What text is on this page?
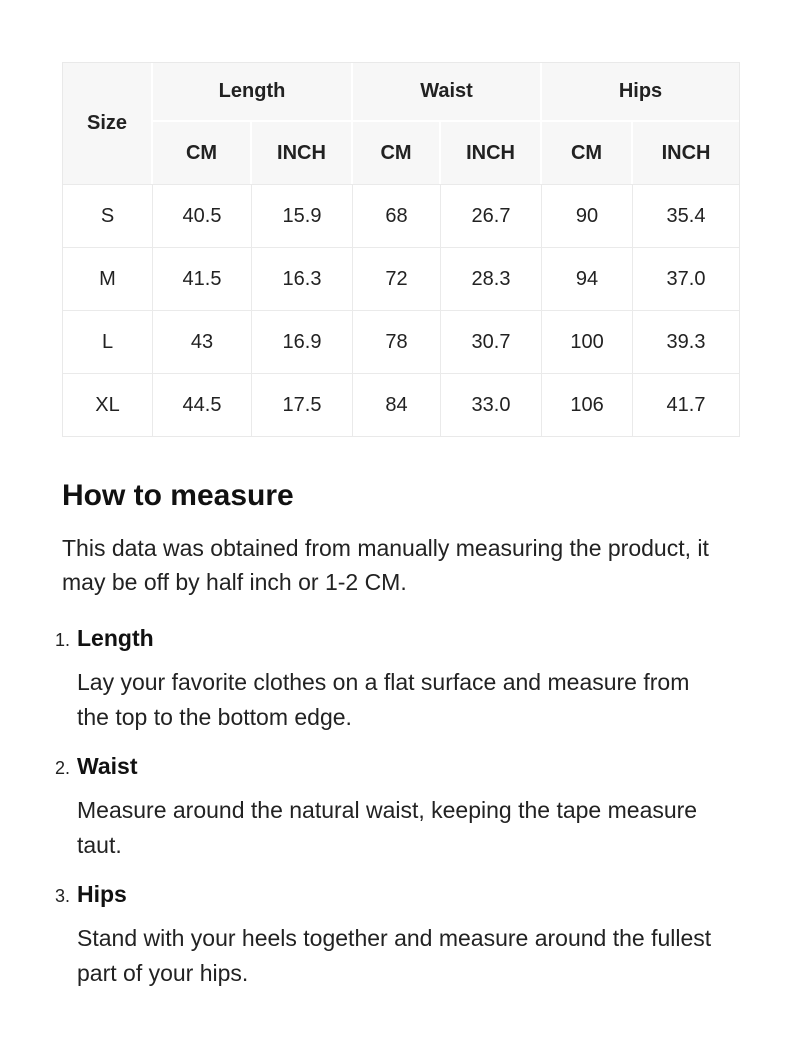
Size	Length		Waist		Hips	
	CM	INCH	CM	INCH	CM	INCH
S	40.5	15.9	68	26.7	90	35.4
M	41.5	16.3	72	28.3	94	37.0
L	43	16.9	78	30.7	100	39.3
XL	44.5	17.5	84	33.0	106	41.7
How to measure

This data was obtained from manually measuring the product, it may be off by half inch or 1-2 CM.

1. Length

Lay your favorite clothes on a flat surface and measure from the top to the bottom edge.

2. Waist

Measure around the natural waist, keeping the tape measure taut.

3. Hips

Stand with your heels together and measure around the fullest part of your hips.
